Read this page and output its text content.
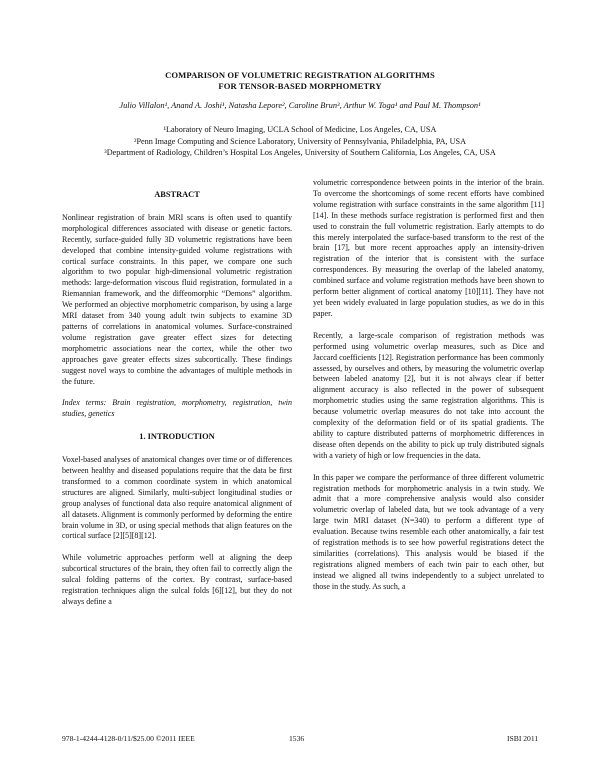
COMPARISON OF VOLUMETRIC REGISTRATION ALGORITHMS
FOR TENSOR-BASED MORPHOMETRY
Julio Villalon¹, Anand A. Joshi¹, Natasha Lepore², Caroline Brun³, Arthur W. Toga¹ and Paul M. Thompson¹
¹Laboratory of Neuro Imaging, UCLA School of Medicine, Los Angeles, CA, USA
²Penn Image Computing and Science Laboratory, University of Pennsylvania, Philadelphia, PA, USA
³Department of Radiology, Children’s Hospital Los Angeles, University of Southern California, Los Angeles, CA, USA
ABSTRACT

Nonlinear registration of brain MRI scans is often used to quantify morphological differences associated with disease or genetic factors. Recently, surface-guided fully 3D volumetric registrations have been developed that combine intensity-guided volume registrations with cortical surface constraints. In this paper, we compare one such algorithm to two popular high-dimensional volumetric registration methods: large-deformation viscous fluid registration, formulated in a Riemannian framework, and the diffeomorphic “Demons” algorithm. We performed an objective morphometric comparison, by using a large MRI dataset from 340 young adult twin subjects to examine 3D patterns of correlations in anatomical volumes. Surface-constrained volume registration gave greater effect sizes for detecting morphometric associations near the cortex, while the other two approaches gave greater effects sizes subcortically. These findings suggest novel ways to combine the advantages of multiple methods in the future.

Index terms: Brain registration, morphometry, registration, twin studies, genetics

1. INTRODUCTION

Voxel-based analyses of anatomical changes over time or of differences between healthy and diseased populations require that the data be first transformed to a common coordinate system in which anatomical structures are aligned. Similarly, multi-subject longitudinal studies or group analyses of functional data also require anatomical alignment of all datasets. Alignment is commonly performed by deforming the entire brain volume in 3D, or using special methods that align features on the cortical surface [2][5][8][12].

While volumetric approaches perform well at aligning the deep subcortical structures of the brain, they often fail to correctly align the sulcal folding patterns of the cortex. By contrast, surface-based registration techniques align the sulcal folds [6][12], but they do not always define a

volumetric correspondence between points in the interior of the brain. To overcome the shortcomings of some recent efforts have combined volume registration with surface constraints in the same algorithm [11][14]. In these methods surface registration is performed first and then used to constrain the full volumetric registration. Early attempts to do this merely interpolated the surface-based transform to the rest of the brain [17], but more recent approaches apply an intensity-driven registration of the interior that is consistent with the surface correspondences. By measuring the overlap of the labeled anatomy, combined surface and volume registration methods have been shown to perform better alignment of cortical anatomy [10][11]. They have not yet been widely evaluated in large population studies, as we do in this paper.

Recently, a large-scale comparison of registration methods was performed using volumetric overlap measures, such as Dice and Jaccard coefficients [12]. Registration performance has been commonly assessed, by ourselves and others, by measuring the volumetric overlap between labeled anatomy [2], but it is not always clear if better alignment accuracy is also reflected in the power of subsequent morphometric studies using the same registration algorithms. This is because volumetric overlap measures do not take into account the complexity of the deformation field or of its spatial gradients. The ability to capture distributed patterns of morphometric differences in disease often depends on the ability to pick up truly distributed signals with a variety of high or low frequencies in the data.

In this paper we compare the performance of three different volumetric registration methods for morphometric analysis in a twin study. We admit that a more comprehensive analysis would also consider volumetric overlap of labeled data, but we took advantage of a very large twin MRI dataset (N=340) to perform a different type of evaluation. Because twins resemble each other anatomically, a fair test of registration methods is to see how powerful registrations detect the similarities (correlations). This analysis would be biased if the registrations aligned members of each twin pair to each other, but instead we aligned all twins independently to a subject unrelated to those in the study. As such, a

978-1-4244-4128-0/11/$25.00 ©2011 IEEE	1536	ISBI 2011
